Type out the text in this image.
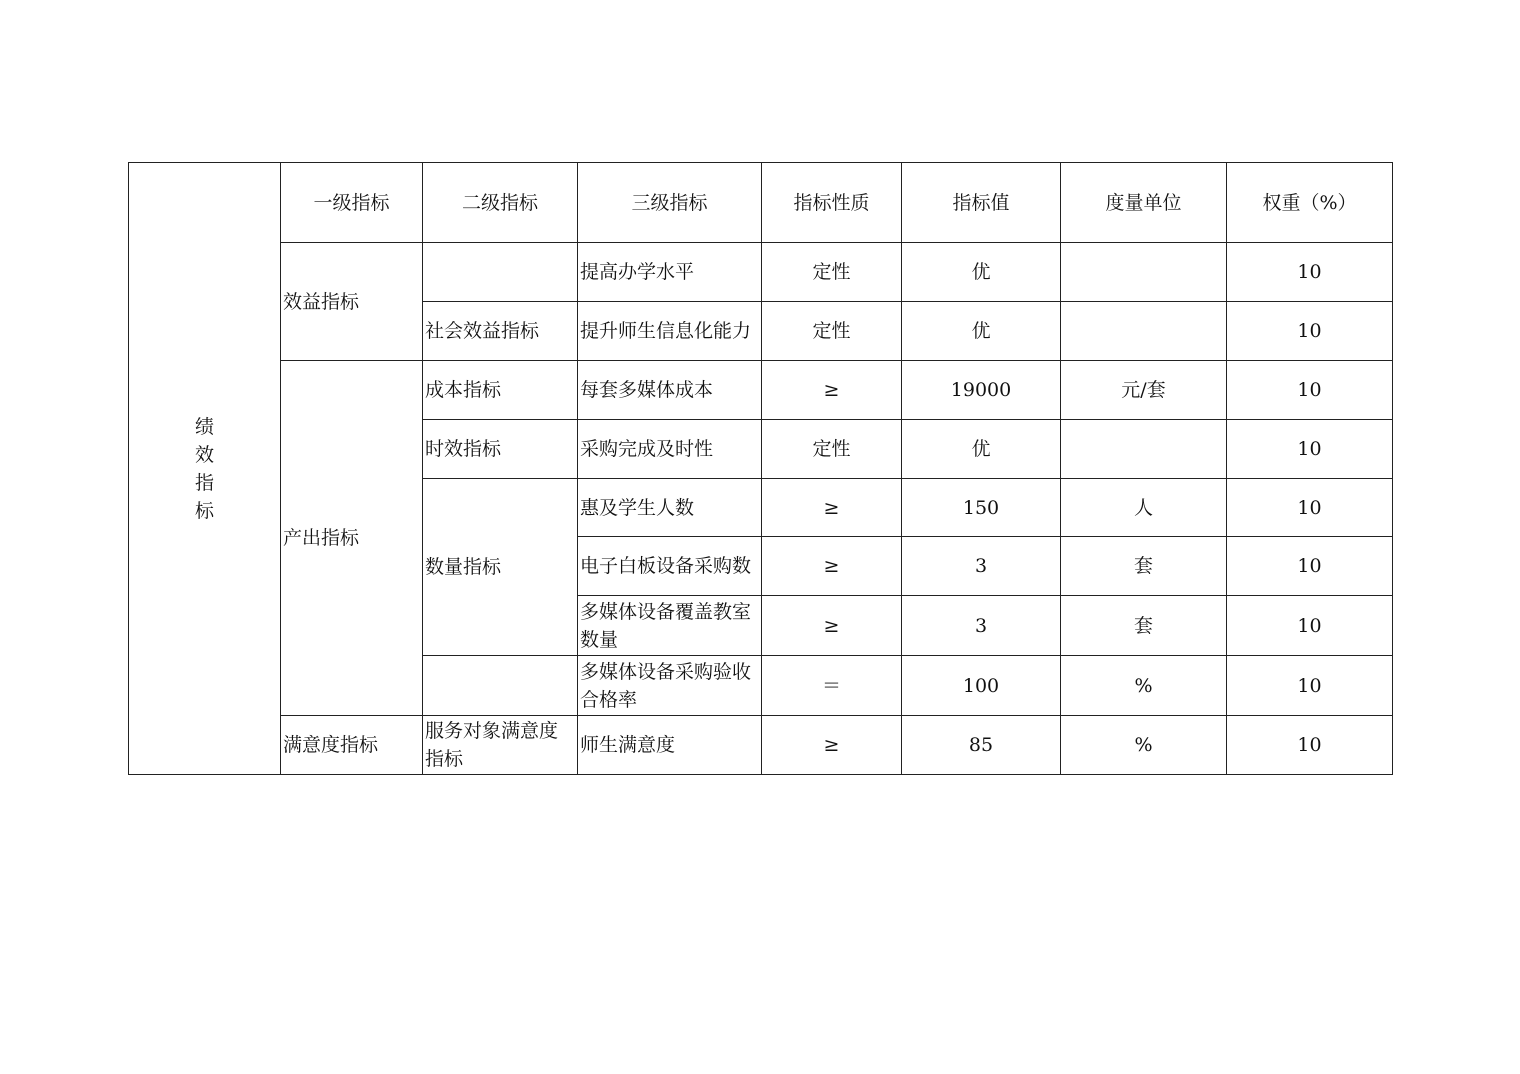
绩效指标	一级指标	二级指标	三级指标	指标性质	指标值	度量单位	权重（%）
	效益指标		提高办学水平	定性	优		10
		社会效益指标	提升师生信息化能力	定性	优		10
	产出指标	成本指标	每套多媒体成本	≥	19000	元/套	10
		时效指标	采购完成及时性	定性	优		10
		数量指标	惠及学生人数	≥	150	人	10
			电子白板设备采购数	≥	3	套	10
			多媒体设备覆盖教室数量	≥	3	套	10
			多媒体设备采购验收合格率	＝	100	%	10
	满意度指标	服务对象满意度指标	师生满意度	≥	85	%	10
